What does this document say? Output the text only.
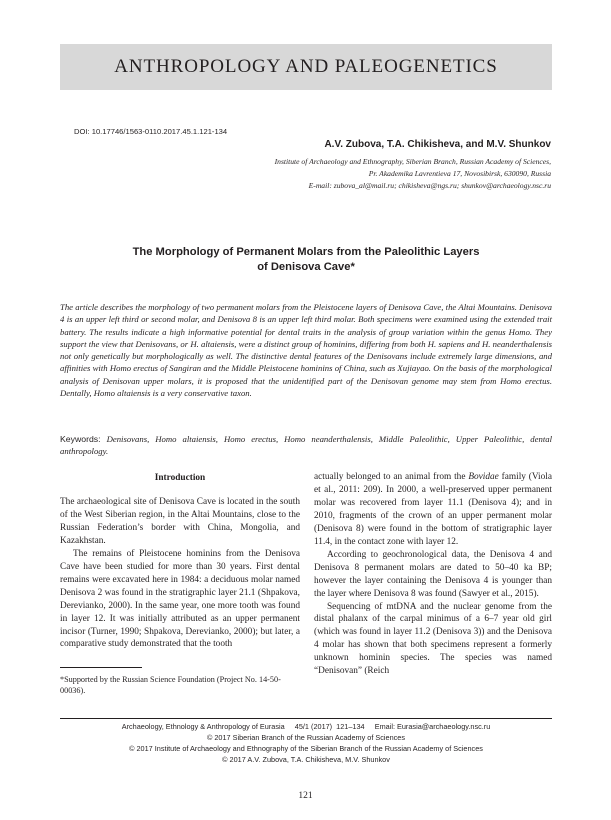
ANTHROPOLOGY AND PALEOGENETICS
DOI: 10.17746/1563-0110.2017.45.1.121-134
A.V. Zubova, T.A. Chikisheva, and M.V. Shunkov
Institute of Archaeology and Ethnography, Siberian Branch, Russian Academy of Sciences,
Pr. Akademika Lavrentieva 17, Novosibirsk, 630090, Russia
E-mail: zubova_al@mail.ru; chikisheva@ngs.ru; shunkov@archaeology.nsc.ru
The Morphology of Permanent Molars from the Paleolithic Layers
of Denisova Cave*
The article describes the morphology of two permanent molars from the Pleistocene layers of Denisova Cave, the Altai Mountains. Denisova 4 is an upper left third or second molar, and Denisova 8 is an upper left third molar. Both specimens were examined using the extended trait battery. The results indicate a high informative potential for dental traits in the analysis of group variation within the genus Homo. They support the view that Denisovans, or H. altaiensis, were a distinct group of hominins, differing from both H. sapiens and H. neanderthalensis not only genetically but morphologically as well. The distinctive dental features of the Denisovans include extremely large dimensions, and affinities with Homo erectus of Sangiran and the Middle Pleistocene hominins of China, such as Xujiayao. On the basis of the morphological analysis of Denisovan upper molars, it is proposed that the unidentified part of the Denisovan genome may stem from Homo erectus. Dentally, Homo altaiensis is a very conservative taxon.
Keywords: Denisovans, Homo altaiensis, Homo erectus, Homo neanderthalensis, Middle Paleolithic, Upper Paleolithic, dental anthropology.
Introduction

The archaeological site of Denisova Cave is located in the south of the West Siberian region, in the Altai Mountains, close to the Russian Federation’s border with China, Mongolia, and Kazakhstan.

The remains of Pleistocene hominins from the Denisova Cave have been studied for more than 30 years. First dental remains were excavated here in 1984: a deciduous molar named Denisova 2 was found in the stratigraphic layer 21.1 (Shpakova, Derevianko, 2000). In the same year, one more tooth was found in layer 12. It was initially attributed as an upper permanent incisor (Turner, 1990; Shpakova, Derevianko, 2000); but later, a comparative study demonstrated that the tooth

actually belonged to an animal from the Bovidae family (Viola et al., 2011: 209). In 2000, a well-preserved upper permanent molar was recovered from layer 11.1 (Denisova 4); and in 2010, fragments of the crown of an upper permanent molar (Denisova 8) were found in the bottom of stratigraphic layer 11.4, in the contact zone with layer 12.

According to geochronological data, the Denisova 4 and Denisova 8 permanent molars are dated to 50–40 ka BP; however the layer containing the Denisova 4 is younger than the layer where Denisova 8 was found (Sawyer et al., 2015).

Sequencing of mtDNA and the nuclear genome from the distal phalanx of the carpal minimus of a 6–7 year old girl (which was found in layer 11.2 (Denisova 3)) and the Denisova 4 molar has shown that both specimens represent a formerly unknown hominin species. The species was named “Denisovan” (Reich

*Supported by the Russian Science Foundation (Project No. 14-50-00036).
Archaeology, Ethnology & Anthropology of Eurasia     45/1 (2017)  121–134     Email: Eurasia@archaeology.nsc.ru
© 2017 Siberian Branch of the Russian Academy of Sciences
© 2017 Institute of Archaeology and Ethnography of the Siberian Branch of the Russian Academy of Sciences
© 2017 A.V. Zubova, T.A. Chikisheva, M.V. Shunkov
121
